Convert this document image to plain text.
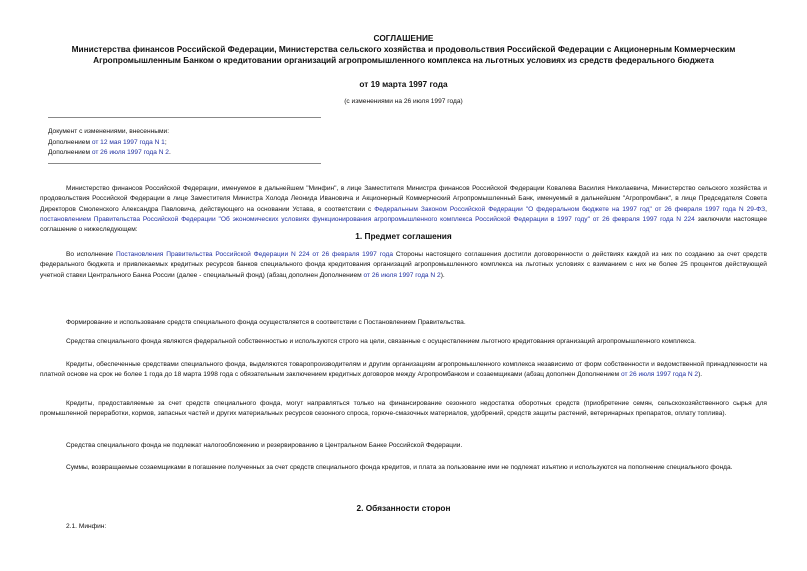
СОГЛАШЕНИЕ
Министерства финансов Российской Федерации, Министерства сельского хозяйства и продовольствия Российской Федерации с Акционерным Коммерческим Агропромышленным Банком о кредитовании организаций агропромышленного комплекса на льготных условиях из средств федерального бюджета
от 19 марта 1997 года
(с изменениями на 26 июля 1997 года)
Документ с изменениями, внесенными:
Дополнением от 12 мая 1997 года N 1;
Дополнением от 26 июля 1997 года N 2.

Министерство финансов Российской Федерации, именуемое в дальнейшем "Минфин", в лице Заместителя Министра финансов Российской Федерации Ковалева Василия Николаевича, Министерство сельского хозяйства и продовольствия Российской Федерации в лице Заместителя Министра Холода Леонида Ивановича и Акционерный Коммерческий Агропромышленный Банк, именуемый в дальнейшем "Агропромбанк", в лице Председателя Совета Директоров Смоленского Александра Павловича, действующего на основании Устава, в соответствии с Федеральным Законом Российской Федерации "О федеральном бюджете на 1997 год" от 26 февраля 1997 года N 29-ФЗ, постановлением Правительства Российской Федерации "Об экономических условиях функционирования агропромышленного комплекса Российской Федерации в 1997 году" от 26 февраля 1997 года N 224 заключили настоящее соглашение о нижеследующем:

1. Предмет соглашения

Во исполнение Постановления Правительства Российской Федерации N 224 от 26 февраля 1997 года Стороны настоящего соглашения достигли договоренности о действиях каждой из них по созданию за счет средств федерального бюджета и привлекаемых кредитных ресурсов банков специального фонда кредитования организаций агропромышленного комплекса на льготных условиях с взиманием с них не более 25 процентов действующей учетной ставки Центрального Банка России (далее - специальный фонд) (абзац дополнен Дополнением от 26 июля 1997 года N 2).

Формирование и использование средств специального фонда осуществляется в соответствии с Постановлением Правительства.

Средства специального фонда являются федеральной собственностью и используются строго на цели, связанные с осуществлением льготного кредитования организаций агропромышленного комплекса.

Кредиты, обеспеченные средствами специального фонда, выделяются товаропроизводителям и другим организациям агропромышленного комплекса независимо от форм собственности и ведомственной принадлежности на платной основе на срок не более 1 года до 18 марта 1998 года с обязательным заключением кредитных договоров между Агропромбанком и созаемщиками (абзац дополнен Дополнением от 26 июля 1997 года N 2).

Кредиты, предоставляемые за счет средств специального фонда, могут направляться только на финансирование сезонного недостатка оборотных средств (приобретение семян, сельскохозяйственного сырья для промышленной переработки, кормов, запасных частей и других материальных ресурсов сезонного спроса, горюче-смазочных материалов, удобрений, средств защиты растений, ветеринарных препаратов, оплату топлива).

Средства специального фонда не подлежат налогообложению и резервированию в Центральном Банке Российской Федерации.

Суммы, возвращаемые созаемщиками в погашение полученных за счет средств специального фонда кредитов, и плата за пользование ими не подлежат изъятию и используются на пополнение специального фонда.

2. Обязанности сторон
2.1. Минфин:
